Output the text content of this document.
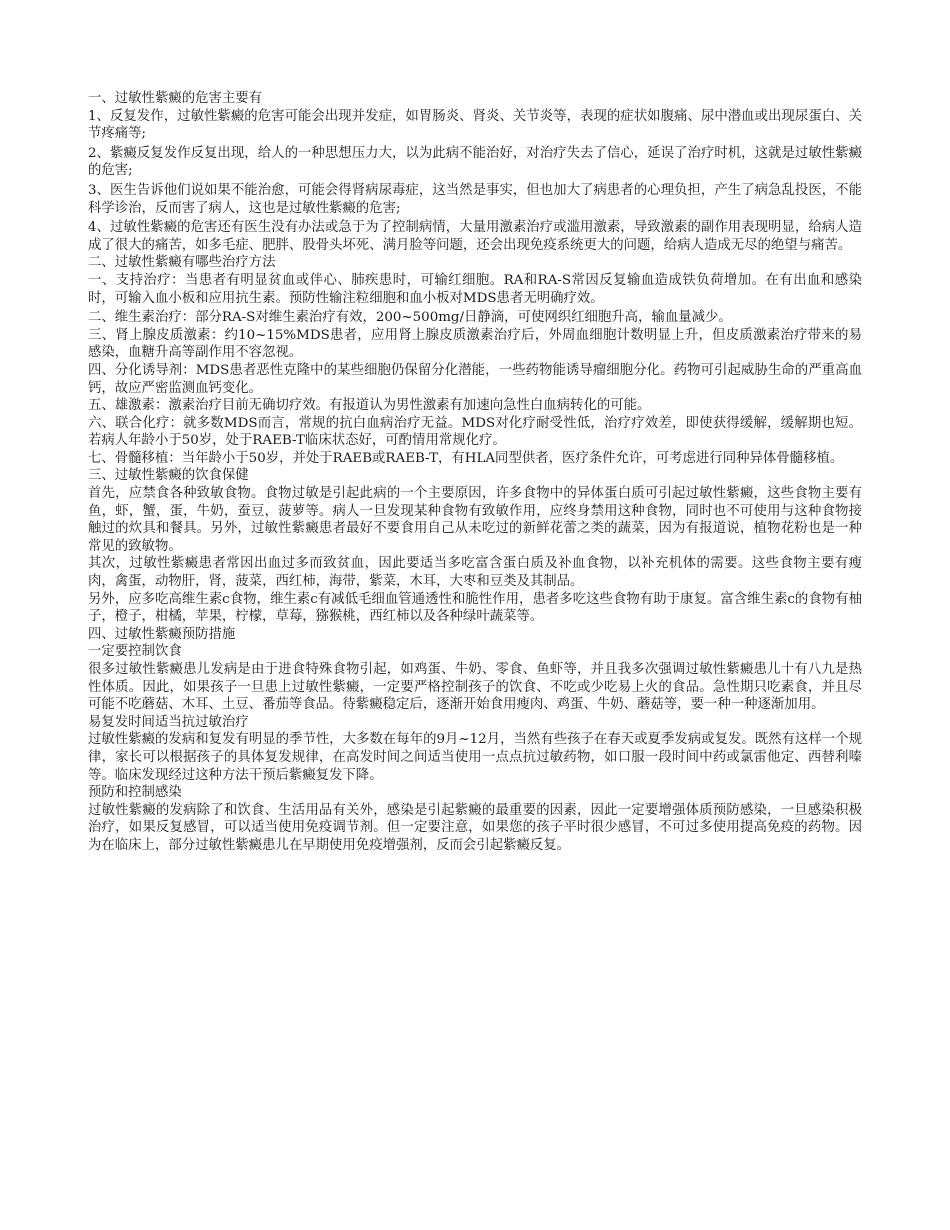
一、过敏性紫癜的危害主要有

1、反复发作，过敏性紫癜的危害可能会出现并发症，如胃肠炎、肾炎、关节炎等，表现的症状如腹痛、尿中潜血或出现尿蛋白、关节疼痛等;

2、紫癜反复发作反复出现，给人的一种思想压力大，以为此病不能治好，对治疗失去了信心，延误了治疗时机，这就是过敏性紫癜的危害;

3、医生告诉他们说如果不能治愈，可能会得肾病尿毒症，这当然是事实，但也加大了病患者的心理负担，产生了病急乱投医，不能科学诊治，反而害了病人，这也是过敏性紫癜的危害;

4、过敏性紫癜的危害还有医生没有办法或急于为了控制病情，大量用激素治疗或滥用激素，导致激素的副作用表现明显，给病人造成了很大的痛苦，如多毛症、肥胖、股骨头坏死、满月脸等问题，还会出现免疫系统更大的问题，给病人造成无尽的绝望与痛苦。

二、过敏性紫癜有哪些治疗方法

一、支持治疗：当患者有明显贫血或伴心、肺疾患时，可输红细胞。RA和RA-S常因反复输血造成铁负荷增加。在有出血和感染时，可输入血小板和应用抗生素。预防性输注粒细胞和血小板对MDS患者无明确疗效。

二、维生素治疗：部分RA-S对维生素治疗有效，200~500mg/日静滴，可使网织红细胞升高，输血量减少。

三、肾上腺皮质激素：约10~15%MDS患者，应用肾上腺皮质激素治疗后，外周血细胞计数明显上升，但皮质激素治疗带来的易感染，血糖升高等副作用不容忽视。

四、分化诱导剂：MDS患者恶性克隆中的某些细胞仍保留分化潜能，一些药物能诱导瘤细胞分化。药物可引起威胁生命的严重高血钙，故应严密监测血钙变化。

五、雄激素：激素治疗目前无确切疗效。有报道认为男性激素有加速向急性白血病转化的可能。

六、联合化疗：就多数MDS而言，常规的抗白血病治疗无益。MDS对化疗耐受性低，治疗疗效差，即使获得缓解，缓解期也短。若病人年龄小于50岁，处于RAEB-T临床状态好，可酌情用常规化疗。

七、骨髓移植：当年龄小于50岁，并处于RAEB或RAEB-T，有HLA同型供者，医疗条件允许，可考虑进行同种异体骨髓移植。

三、过敏性紫癜的饮食保健

首先，应禁食各种致敏食物。食物过敏是引起此病的一个主要原因，许多食物中的异体蛋白质可引起过敏性紫癜，这些食物主要有鱼，虾，蟹，蛋，牛奶，蚕豆，菠萝等。病人一旦发现某种食物有致敏作用，应终身禁用这种食物，同时也不可使用与这种食物接触过的炊具和餐具。另外，过敏性紫癜患者最好不要食用自己从未吃过的新鲜花蕾之类的蔬菜，因为有报道说，植物花粉也是一种常见的致敏物。

其次，过敏性紫癜患者常因出血过多而致贫血，因此要适当多吃富含蛋白质及补血食物，以补充机体的需要。这些食物主要有瘦肉，禽蛋，动物肝，肾，菠菜，西红柿，海带，紫菜，木耳，大枣和豆类及其制品。

另外，应多吃高维生素c食物，维生素c有减低毛细血管通透性和脆性作用，患者多吃这些食物有助于康复。富含维生素c的食物有柚子，橙子，柑橘，苹果，柠檬，草莓，猕猴桃，西红柿以及各种绿叶蔬菜等。

四、过敏性紫癜预防措施

一定要控制饮食

很多过敏性紫癜患儿发病是由于进食特殊食物引起，如鸡蛋、牛奶、零食、鱼虾等，并且我多次强调过敏性紫癜患儿十有八九是热性体质。因此，如果孩子一旦患上过敏性紫癜，一定要严格控制孩子的饮食、不吃或少吃易上火的食品。急性期只吃素食，并且尽可能不吃蘑菇、木耳、土豆、番茄等食品。待紫癜稳定后，逐渐开始食用瘦肉、鸡蛋、牛奶、蘑菇等，要一种一种逐渐加用。

易复发时间适当抗过敏治疗

过敏性紫癜的发病和复发有明显的季节性，大多数在每年的9月~12月，当然有些孩子在春天或夏季发病或复发。既然有这样一个规律，家长可以根据孩子的具体复发规律，在高发时间之间适当使用一点点抗过敏药物，如口服一段时间中药或氯雷他定、西替利嗪等。临床发现经过这种方法干预后紫癜复发下降。

预防和控制感染

过敏性紫癜的发病除了和饮食、生活用品有关外，感染是引起紫癜的最重要的因素，因此一定要增强体质预防感染，一旦感染积极治疗，如果反复感冒，可以适当使用免疫调节剂。但一定要注意，如果您的孩子平时很少感冒，不可过多使用提高免疫的药物。因为在临床上，部分过敏性紫癜患儿在早期使用免疫增强剂，反而会引起紫癜反复。
